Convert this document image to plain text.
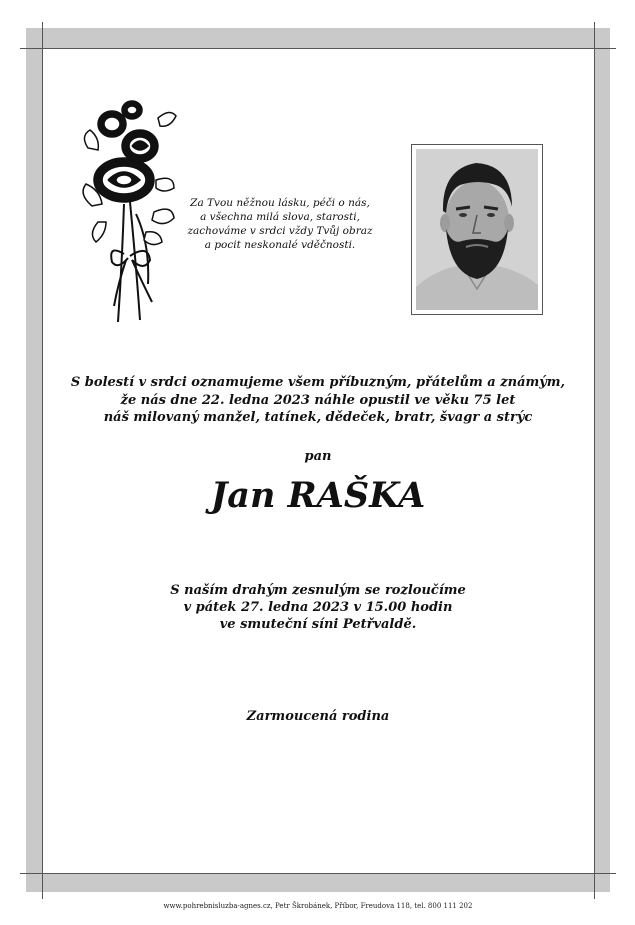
Za Tvou něžnou lásku, péči o nás,
a všechna milá slova, starosti,
zachováme v srdci vždy Tvůj obraz
a pocit neskonalé vděčnosti.
S bolestí v srdci oznamujeme všem příbuzným, přátelům a známým,
že nás dne 22. ledna 2023 náhle opustil ve věku 75 let
náš milovaný manžel, tatínek, dědeček, bratr, švagr a strýc
pan
Jan RAŠKA
S naším drahým zesnulým se rozloučíme
v pátek 27. ledna 2023 v 15.00 hodin
ve smuteční síni Petřvaldě.
Zarmoucená rodina
www.pohrebnisluzba-agnes.cz, Petr Škrobánek, Příbor, Freudova 118, tel. 800 111 202
